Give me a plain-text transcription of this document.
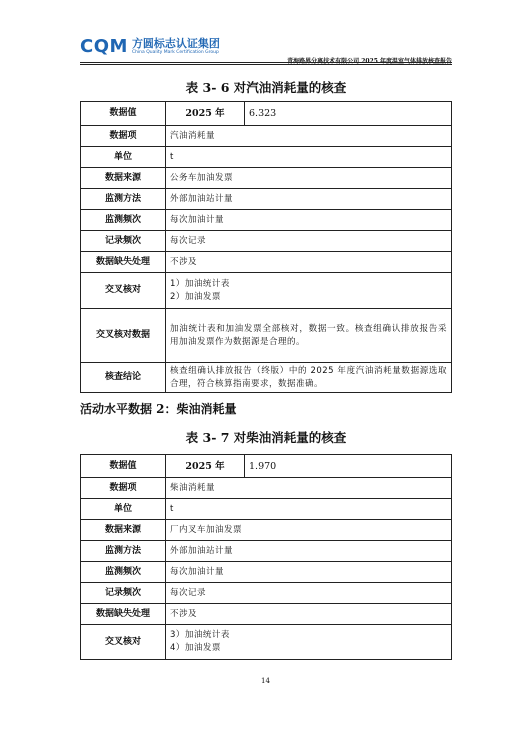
CQM 方圆标志认证集团
China Quality Mark Certification Group
青海路界分离技术有限公司 2025 年度温室气体排放核查报告
表 3- 6 对汽油消耗量的核查
数据值	2025 年	6.323
数据项	汽油消耗量	
单位	t	
数据来源	公务车加油发票	
监测方法	外部加油站计量	
监测频次	每次加油计量	
记录频次	每次记录	
数据缺失处理	不涉及	
交叉核对	1）加油统计表
2）加油发票	

交叉核对数据	加油统计表和加油发票全部核对，数据一致。核查组确认排放报告采用加油发票作为数据源是合理的。	
核查结论	核查组确认排放报告（终版）中的 2025 年度汽油消耗量数据源选取合理，符合核算指南要求，数据准确。	
活动水平数据 2：柴油消耗量
表 3- 7 对柴油消耗量的核查
数据值	2025 年	1.970
数据项	柴油消耗量	
单位	t	
数据来源	厂内叉车加油发票	
监测方法	外部加油站计量	
监测频次	每次加油计量	
记录频次	每次记录	
数据缺失处理	不涉及	
交叉核对	3）加油统计表
4）加油发票	
14
